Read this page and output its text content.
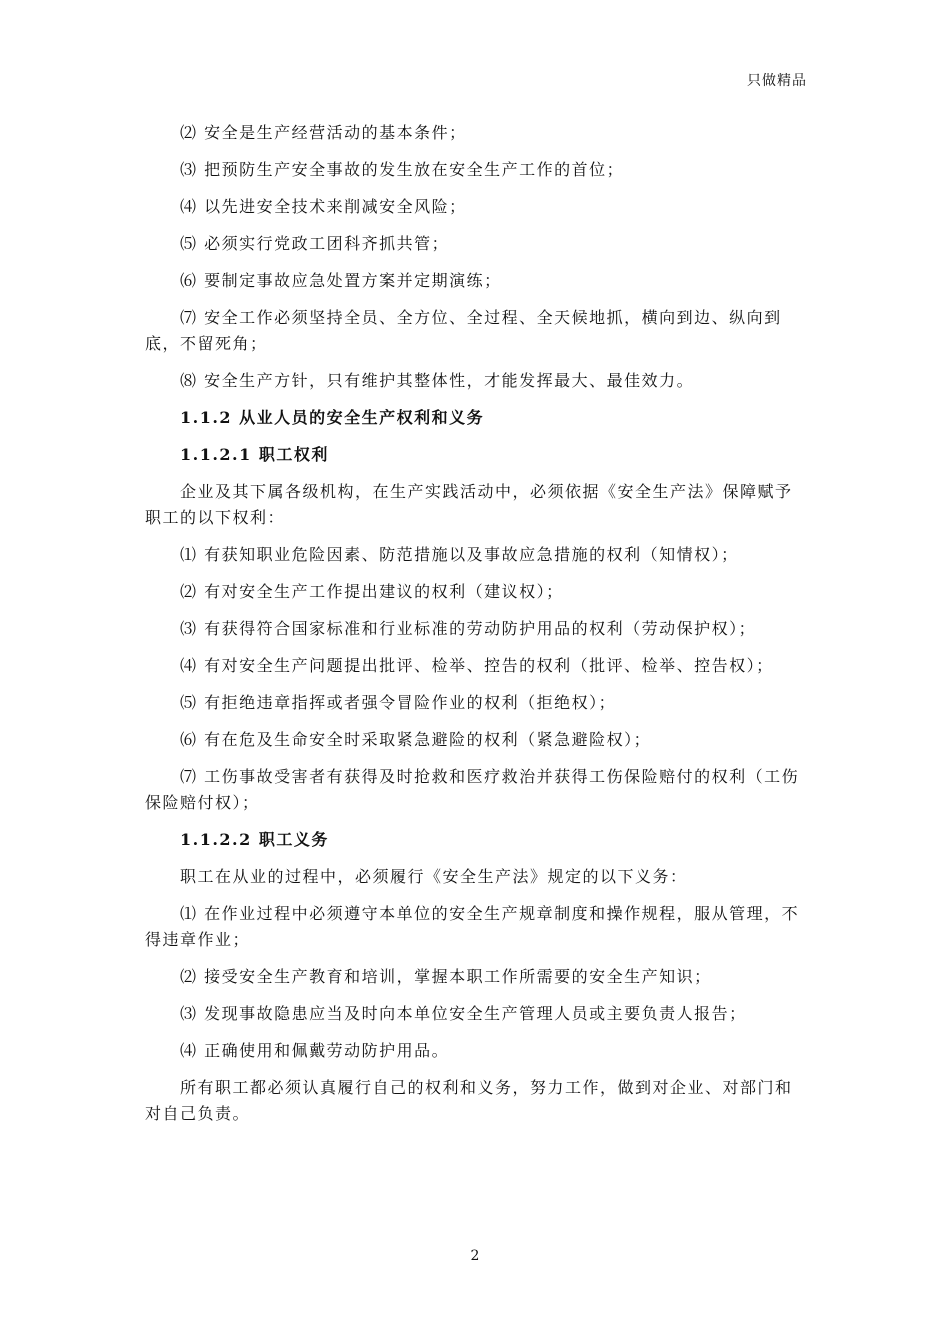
只做精品
⑵ 安全是生产经营活动的基本条件；
⑶ 把预防生产安全事故的发生放在安全生产工作的首位；
⑷ 以先进安全技术来削减安全风险；
⑸ 必须实行党政工团科齐抓共管；
⑹ 要制定事故应急处置方案并定期演练；
⑺ 安全工作必须坚持全员、全方位、全过程、全天候地抓，横向到边、纵向到底，不留死角；
⑻ 安全生产方针，只有维护其整体性，才能发挥最大、最佳效力。
1.1.2 从业人员的安全生产权利和义务
1.1.2.1 职工权利
企业及其下属各级机构，在生产实践活动中，必须依据《安全生产法》保障赋予职工的以下权利：
⑴ 有获知职业危险因素、防范措施以及事故应急措施的权利（知情权）；
⑵ 有对安全生产工作提出建议的权利（建议权）；
⑶ 有获得符合国家标准和行业标准的劳动防护用品的权利（劳动保护权）；
⑷ 有对安全生产问题提出批评、检举、控告的权利（批评、检举、控告权）；
⑸ 有拒绝违章指挥或者强令冒险作业的权利（拒绝权）；
⑹ 有在危及生命安全时采取紧急避险的权利（紧急避险权）；
⑺ 工伤事故受害者有获得及时抢救和医疗救治并获得工伤保险赔付的权利（工伤保险赔付权）；
1.1.2.2 职工义务
职工在从业的过程中，必须履行《安全生产法》规定的以下义务：
⑴ 在作业过程中必须遵守本单位的安全生产规章制度和操作规程，服从管理，不得违章作业；
⑵ 接受安全生产教育和培训，掌握本职工作所需要的安全生产知识；
⑶ 发现事故隐患应当及时向本单位安全生产管理人员或主要负责人报告；
⑷ 正确使用和佩戴劳动防护用品。
所有职工都必须认真履行自己的权利和义务，努力工作，做到对企业、对部门和对自己负责。
2
